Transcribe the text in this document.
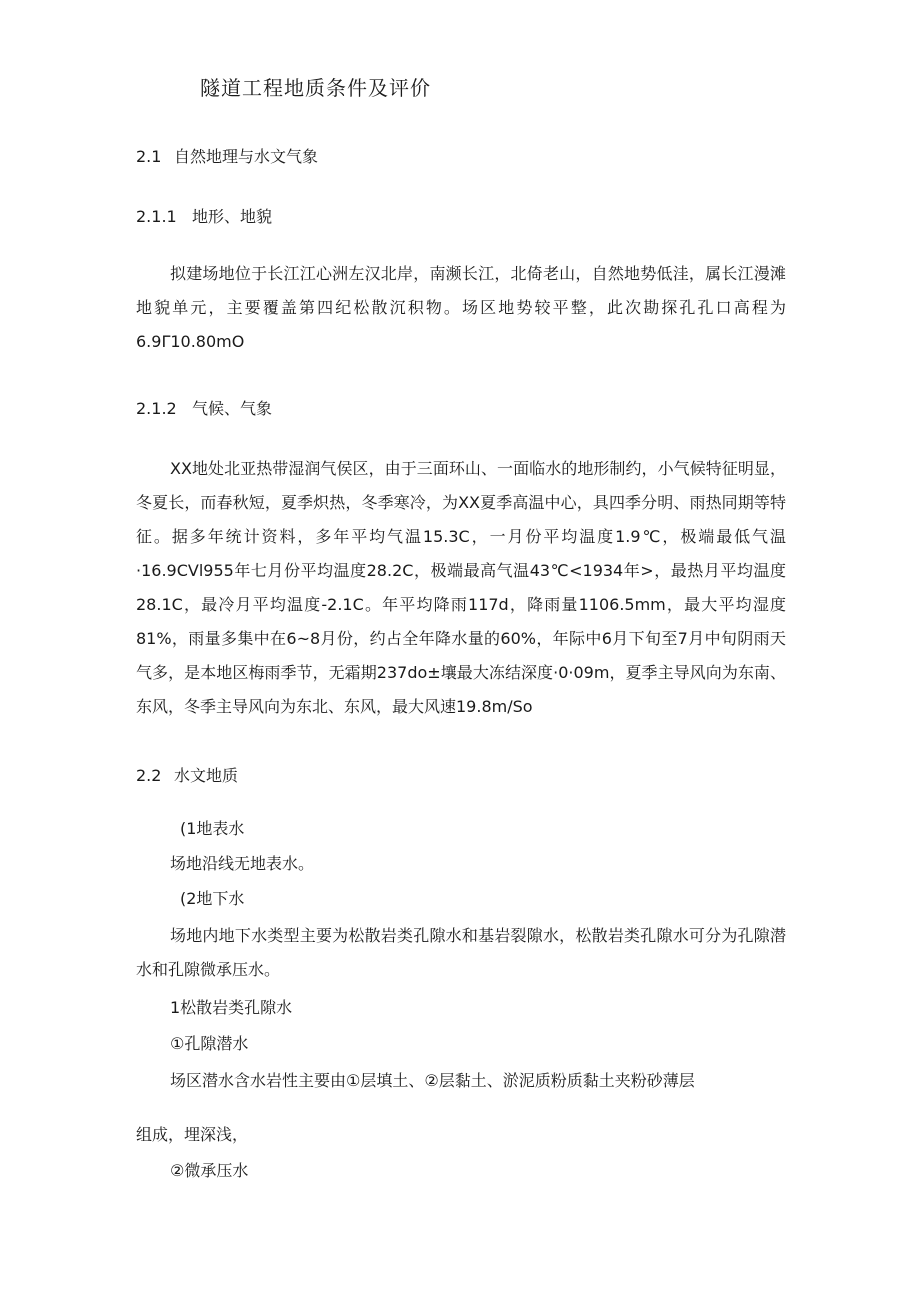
隧道工程地质条件及评价
2.1 自然地理与水文气象
2.1.1 地形、地貌
拟建场地位于长江江心洲左汉北岸，南濒长江，北倚老山，自然地势低洼，属长江漫滩地貌单元，主要覆盖第四纪松散沉积物。场区地势较平整，此次勘探孔孔口高程为6.9Γ10.80mO
2.1.2 气候、气象
XX地处北亚热带湿润气侯区，由于三面环山、一面临水的地形制约，小气候特征明显，冬夏长，而春秋短，夏季炽热，冬季寒冷，为XX夏季高温中心，具四季分明、雨热同期等特征。据多年统计资料，多年平均气温15.3C，一月份平均温度1.9℃，极端最低气温·16.9CVl955年七月份平均温度28.2C，极端最高气温43℃<1934年>，最热月平均温度28.1C，最冷月平均温度-2.1C。年平均降雨117d，降雨量1106.5mm，最大平均湿度81%，雨量多集中在6~8月份，约占全年降水量的60%，年际中6月下旬至7月中旬阴雨天气多，是本地区梅雨季节，无霜期237do±壤最大冻结深度·0·09m，夏季主导风向为东南、东风，冬季主导风向为东北、东风，最大风速19.8m∕So
2.2 水文地质
(1地表水
场地沿线无地表水。
(2地下水
场地内地下水类型主要为松散岩类孔隙水和基岩裂隙水，松散岩类孔隙水可分为孔隙潜水和孔隙微承压水。
1松散岩类孔隙水
①孔隙潜水
场区潜水含水岩性主要由①层填土、②层黏土、淤泥质粉质黏土夹粉砂薄层
组成，埋深浅，
②微承压水
